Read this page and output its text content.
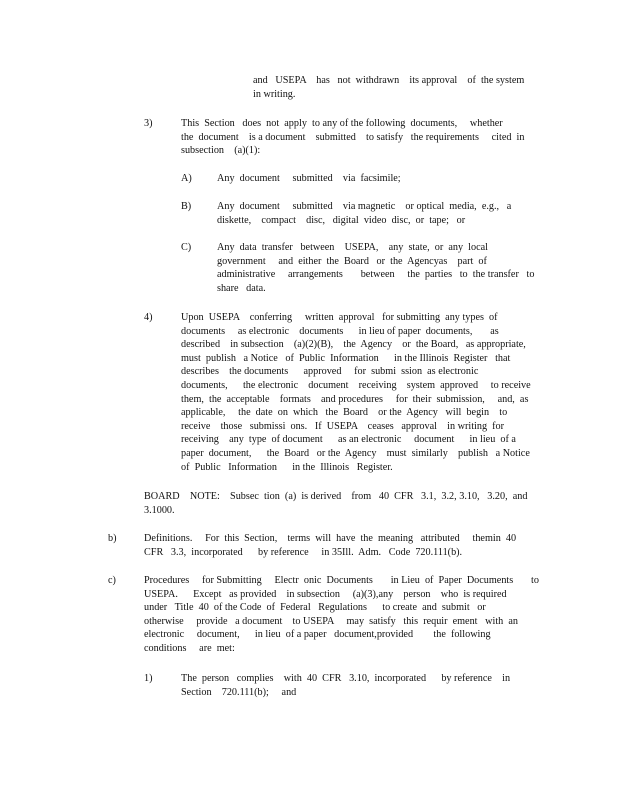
and   USEPA    has   not  withdrawn    its approval    of  the system
in writing.
3)	This  Section   does  not  apply  to any of the following  documents,     whether
the  document    is a document    submitted    to satisfy   the requirements     cited  in
subsection    (a)(1):
A) Any  document     submitted    via  facsimile;
B)	Any  document     submitted    via magnetic    or optical  media,  e.g.,   a
diskette,    compact    disc,   digital  video  disc,  or  tape;   or
C)	Any  data  transfer   between    USEPA,    any  state,  or  any  local
government     and  either  the  Board   or  the  Agencyas    part  of
administrative     arrangements       between     the  parties   to  the transfer   to
share   data.
4)	Upon  USEPA    conferring     written  approval   for submitting  any types  of
documents     as electronic    documents      in lieu of paper  documents,       as
described    in subsection    (a)(2)(B),    the  Agency    or  the Board,   as appropriate,
must  publish   a Notice   of  Public  Information      in the Illinois  Register   that
describes    the documents      approved     for  submi  ssion  as electronic
documents,      the electronic    document    receiving    system  approved     to receive
them,  the  acceptable    formats    and procedures     for  their  submission,     and,  as
applicable,     the  date  on  which   the  Board    or the  Agency   will  begin    to
receive    those   submissi  ons.   If  USEPA    ceases   approval    in writing  for
receiving    any  type  of document      as an electronic     document      in lieu  of a
paper  document,      the  Board   or the  Agency    must  similarly    publish   a Notice
of  Public   Information      in the  Illinois   Register.
BOARD    NOTE:    Subsec  tion  (a)  is derived    from   40  CFR   3.1,  3.2, 3.10,   3.20,  and
3.1000.
b)	Definitions.     For  this  Section,    terms  will  have  the  meaning   attributed     themin  40
CFR   3.3,  incorporated      by reference     in 35Ill.  Adm.   Code  720.111(b).
c)	Procedures     for Submitting     Electr  onic  Documents       in Lieu  of  Paper  Documents       to
USEPA.      Except   as provided    in subsection     (a)(3),any    person    who  is required
under   Title  40  of the Code  of  Federal   Regulations      to create  and  submit   or
otherwise     provide   a document    to USEPA     may  satisfy   this  requir  ement   with  an
electronic     document,      in lieu  of a paper   document,provided        the  following
conditions     are  met:
1)	The  person   complies    with  40  CFR   3.10,  incorporated      by reference    in
Section    720.111(b);     and
